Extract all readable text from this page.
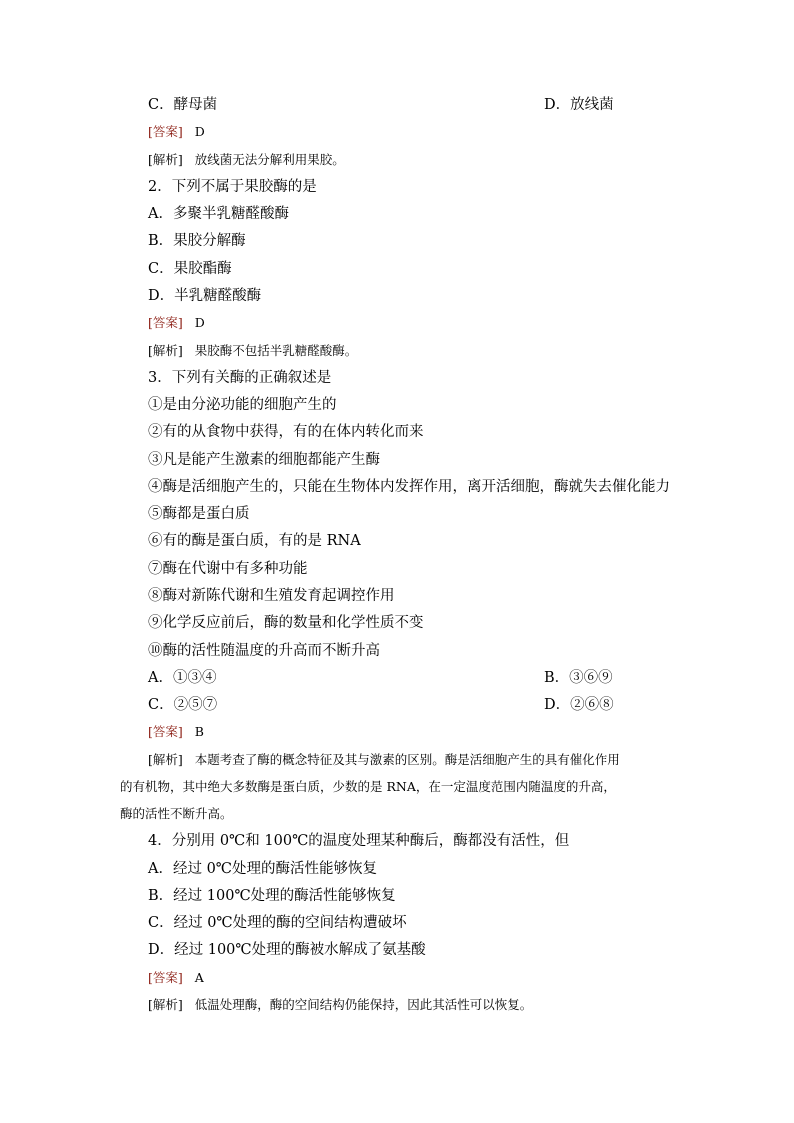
C．酵母菌	D．放线菌
[答案] D
[解析] 放线菌无法分解利用果胶。
2．下列不属于果胶酶的是
A．多聚半乳糖醛酸酶
B．果胶分解酶
C．果胶酯酶
D．半乳糖醛酸酶
[答案] D
[解析] 果胶酶不包括半乳糖醛酸酶。
3．下列有关酶的正确叙述是
①是由分泌功能的细胞产生的
②有的从食物中获得，有的在体内转化而来
③凡是能产生激素的细胞都能产生酶
④酶是活细胞产生的，只能在生物体内发挥作用，离开活细胞，酶就失去催化能力
⑤酶都是蛋白质
⑥有的酶是蛋白质，有的是 RNA
⑦酶在代谢中有多种功能
⑧酶对新陈代谢和生殖发育起调控作用
⑨化学反应前后，酶的数量和化学性质不变
⑩酶的活性随温度的升高而不断升高
A．①③④	B．③⑥⑨
C．②⑤⑦	D．②⑥⑧
[答案] B
[解析] 本题考查了酶的概念特征及其与激素的区别。酶是活细胞产生的具有催化作用
的有机物，其中绝大多数酶是蛋白质，少数的是 RNA，在一定温度范围内随温度的升高，
酶的活性不断升高。
4．分别用 0℃和 100℃的温度处理某种酶后，酶都没有活性，但
A．经过 0℃处理的酶活性能够恢复
B．经过 100℃处理的酶活性能够恢复
C．经过 0℃处理的酶的空间结构遭破坏
D．经过 100℃处理的酶被水解成了氨基酸
[答案] A
[解析] 低温处理酶，酶的空间结构仍能保持，因此其活性可以恢复。
